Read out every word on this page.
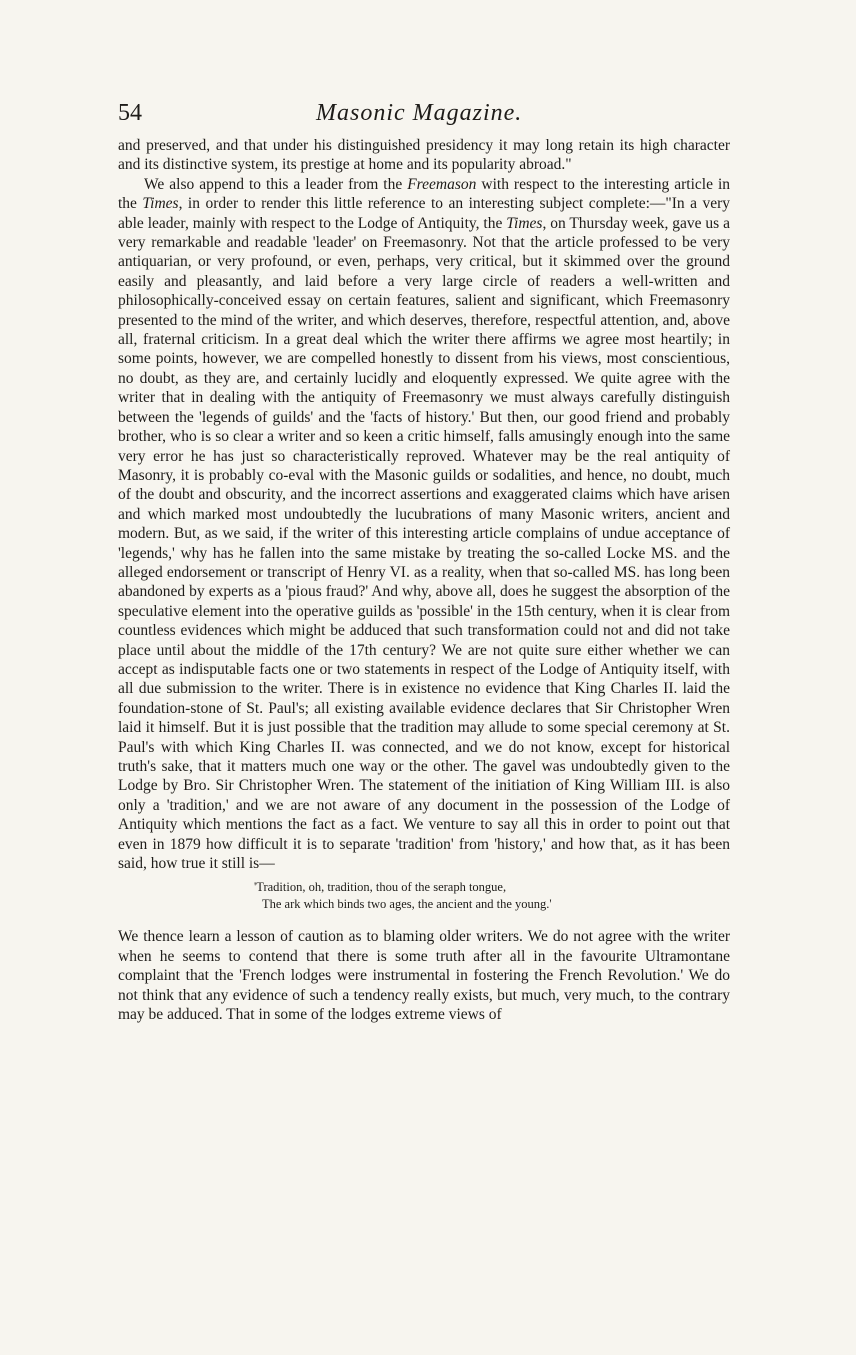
54	Masonic Magazine.

and preserved, and that under his distinguished presidency it may long retain its high character and its distinctive system, its prestige at home and its popularity abroad."

We also append to this a leader from the Freemason with respect to the interesting article in the Times, in order to render this little reference to an interesting subject complete:—"In a very able leader, mainly with respect to the Lodge of Antiquity, the Times, on Thursday week, gave us a very remarkable and readable 'leader' on Freemasonry. Not that the article professed to be very antiquarian, or very profound, or even, perhaps, very critical, but it skimmed over the ground easily and pleasantly, and laid before a very large circle of readers a well-written and philosophically-conceived essay on certain features, salient and significant, which Freemasonry presented to the mind of the writer, and which deserves, therefore, respectful attention, and, above all, fraternal criticism. In a great deal which the writer there affirms we agree most heartily; in some points, however, we are compelled honestly to dissent from his views, most conscientious, no doubt, as they are, and certainly lucidly and eloquently expressed. We quite agree with the writer that in dealing with the antiquity of Freemasonry we must always carefully distinguish between the 'legends of guilds' and the 'facts of history.' But then, our good friend and probably brother, who is so clear a writer and so keen a critic himself, falls amusingly enough into the same very error he has just so characteristically reproved. Whatever may be the real antiquity of Masonry, it is probably co-eval with the Masonic guilds or sodalities, and hence, no doubt, much of the doubt and obscurity, and the incorrect assertions and exaggerated claims which have arisen and which marked most undoubtedly the lucubrations of many Masonic writers, ancient and modern. But, as we said, if the writer of this interesting article complains of undue acceptance of 'legends,' why has he fallen into the same mistake by treating the so-called Locke MS. and the alleged endorsement or transcript of Henry VI. as a reality, when that so-called MS. has long been abandoned by experts as a 'pious fraud?' And why, above all, does he suggest the absorption of the speculative element into the operative guilds as 'possible' in the 15th century, when it is clear from countless evidences which might be adduced that such transformation could not and did not take place until about the middle of the 17th century? We are not quite sure either whether we can accept as indisputable facts one or two statements in respect of the Lodge of Antiquity itself, with all due submission to the writer. There is in existence no evidence that King Charles II. laid the foundation-stone of St. Paul's; all existing available evidence declares that Sir Christopher Wren laid it himself. But it is just possible that the tradition may allude to some special ceremony at St. Paul's with which King Charles II. was connected, and we do not know, except for historical truth's sake, that it matters much one way or the other. The gavel was undoubtedly given to the Lodge by Bro. Sir Christopher Wren. The statement of the initiation of King William III. is also only a 'tradition,' and we are not aware of any document in the possession of the Lodge of Antiquity which mentions the fact as a fact. We venture to say all this in order to point out that even in 1879 how difficult it is to separate 'tradition' from 'history,' and how that, as it has been said, how true it still is—

'Tradition, oh, tradition, thou of the seraph tongue,
The ark which binds two ages, the ancient and the young.'

We thence learn a lesson of caution as to blaming older writers. We do not agree with the writer when he seems to contend that there is some truth after all in the favourite Ultramontane complaint that the 'French lodges were instrumental in fostering the French Revolution.' We do not think that any evidence of such a tendency really exists, but much, very much, to the contrary may be adduced. That in some of the lodges extreme views of
